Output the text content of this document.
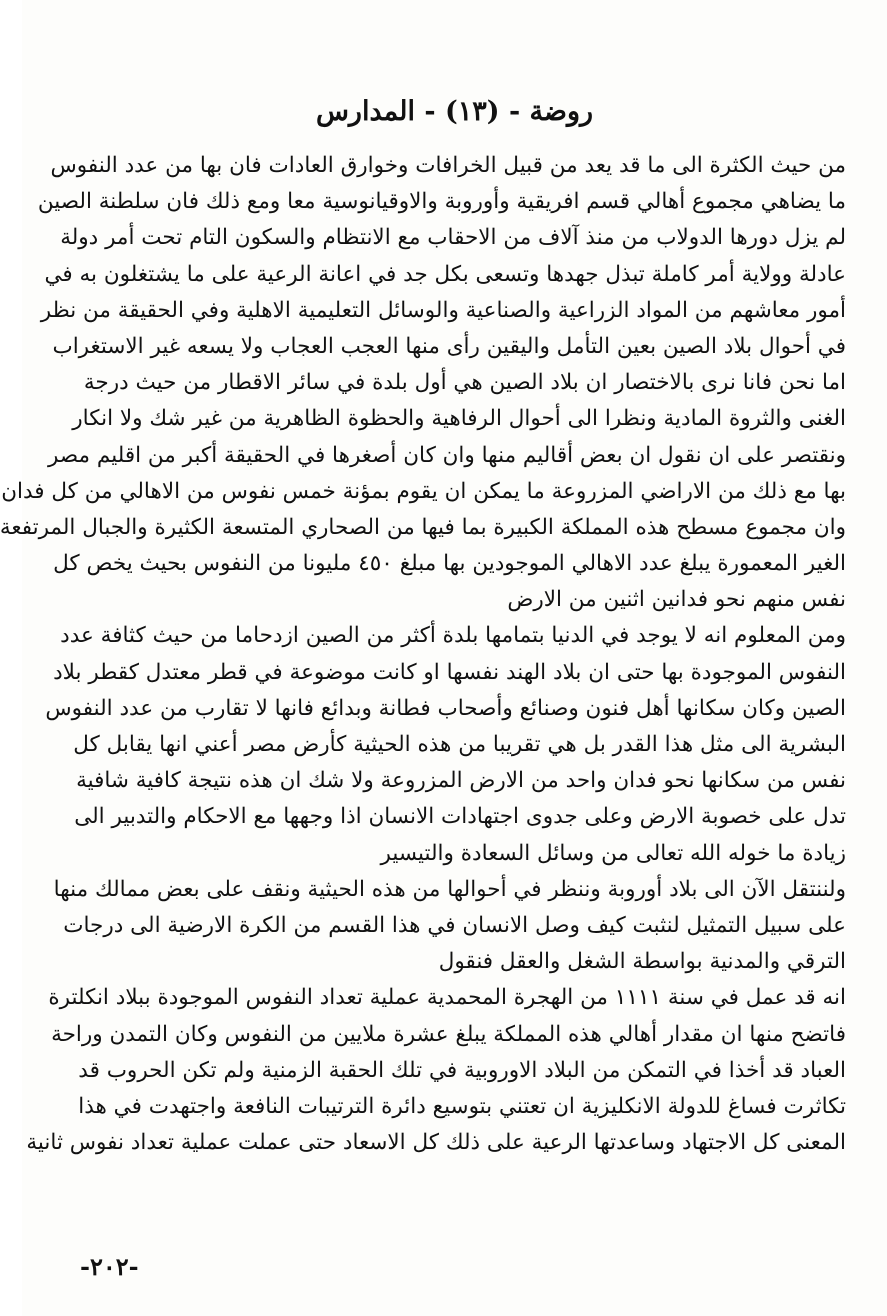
روضة - (١٣) - المدارس
من حيث الكثرة الى ما قد يعد من قبيل الخرافات وخوارق العادات فان بها من عدد النفوس
ما يضاهي مجموع أهالي قسم افريقية وأوروبة والاوقيانوسية معا ومع ذلك فان سلطنة الصين
لم يزل دورها الدولاب من منذ آلاف من الاحقاب مع الانتظام والسكون التام تحت أمر دولة
عادلة وولاية أمر كاملة تبذل جهدها وتسعى بكل جد في اعانة الرعية على ما يشتغلون به في
أمور معاشهم من المواد الزراعية والصناعية والوسائل التعليمية الاهلية وفي الحقيقة من نظر
في أحوال بلاد الصين بعين التأمل واليقين رأى منها العجب العجاب ولا يسعه غير الاستغراب
اما نحن فانا نرى بالاختصار ان بلاد الصين هي أول بلدة في سائر الاقطار من حيث درجة
الغنى والثروة المادية ونظرا الى أحوال الرفاهية والحظوة الظاهرية من غير شك ولا انكار
ونقتصر على ان نقول ان بعض أقاليم منها وان كان أصغرها في الحقيقة أكبر من اقليم مصر
بها مع ذلك من الاراضي المزروعة ما يمكن ان يقوم بمؤنة خمس نفوس من الاهالي من كل فدان
وان مجموع مسطح هذه المملكة الكبيرة بما فيها من الصحاري المتسعة الكثيرة والجبال المرتفعة
الغير المعمورة يبلغ عدد الاهالي الموجودين بها مبلغ ٤٥٠ مليونا من النفوس بحيث يخص كل
نفس منهم نحو فدانين اثنين من الارض
ومن المعلوم انه لا يوجد في الدنيا بتمامها بلدة أكثر من الصين ازدحاما من حيث كثافة عدد
النفوس الموجودة بها حتى ان بلاد الهند نفسها او كانت موضوعة في قطر معتدل كقطر بلاد
الصين وكان سكانها أهل فنون وصنائع وأصحاب فطانة وبدائع فانها لا تقارب من عدد النفوس
البشرية الى مثل هذا القدر بل هي تقريبا من هذه الحيثية كأرض مصر أعني انها يقابل كل
نفس من سكانها نحو فدان واحد من الارض المزروعة ولا شك ان هذه نتيجة كافية شافية
تدل على خصوبة الارض وعلى جدوى اجتهادات الانسان اذا وجهها مع الاحكام والتدبير الى
زيادة ما خوله الله تعالى من وسائل السعادة والتيسير
ولننتقل الآن الى بلاد أوروبة وننظر في أحوالها من هذه الحيثية ونقف على بعض ممالك منها
على سبيل التمثيل لنثبت كيف وصل الانسان في هذا القسم من الكرة الارضية الى درجات
الترقي والمدنية بواسطة الشغل والعقل فنقول
انه قد عمل في سنة ١١١١ من الهجرة المحمدية عملية تعداد النفوس الموجودة ببلاد انكلترة
فاتضح منها ان مقدار أهالي هذه المملكة يبلغ عشرة ملايين من النفوس وكان التمدن وراحة
العباد قد أخذا في التمكن من البلاد الاوروبية في تلك الحقبة الزمنية ولم تكن الحروب قد
تكاثرت فساغ للدولة الانكليزية ان تعتني بتوسيع دائرة الترتيبات النافعة واجتهدت في هذا
المعنى كل الاجتهاد وساعدتها الرعية على ذلك كل الاسعاد حتى عملت عملية تعداد نفوس ثانية
-٢٠٢-
